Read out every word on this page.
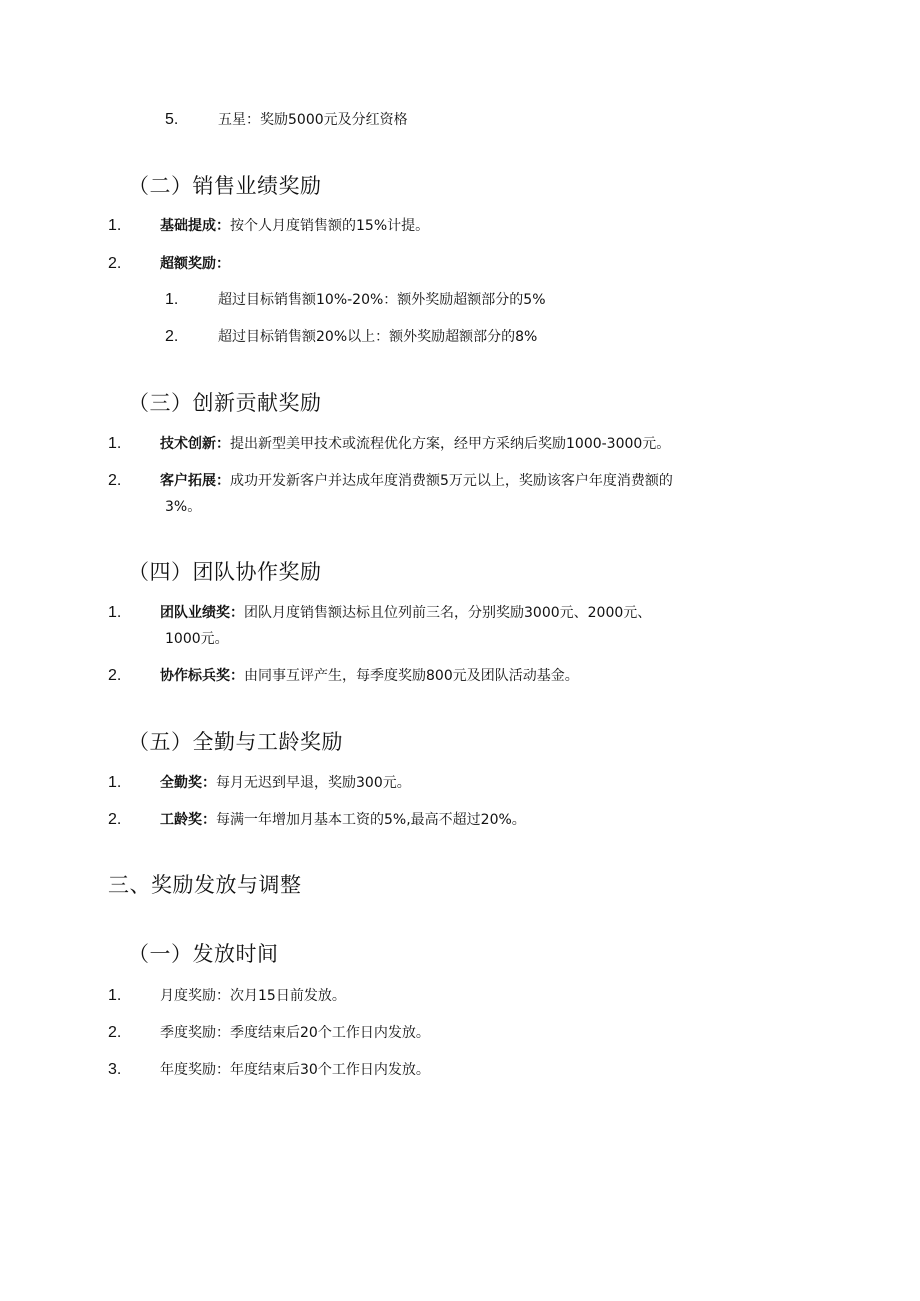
5.	五星：奖励5000元及分红资格
（二）销售业绩奖励
1.	基础提成：按个人月度销售额的15%计提。
2.	超额奖励：
1.	超过目标销售额10%-20%：额外奖励超额部分的5%
2.	超过目标销售额20%以上：额外奖励超额部分的8%
（三）创新贡献奖励
1.	技术创新：提出新型美甲技术或流程优化方案，经甲方采纳后奖励1000-3000元。
2.	客户拓展：成功开发新客户并达成年度消费额5万元以上，奖励该客户年度消费额的
3%。
（四）团队协作奖励
1.	团队业绩奖：团队月度销售额达标且位列前三名，分别奖励3000元、2000元、
1000元。
2.	协作标兵奖：由同事互评产生，每季度奖励800元及团队活动基金。
（五）全勤与工龄奖励
1.	全勤奖：每月无迟到早退，奖励300元。
2.	工龄奖：每满一年增加月基本工资的5%,最高不超过20%。
三、奖励发放与调整
（一）发放时间
1.	月度奖励：次月15日前发放。
2.	季度奖励：季度结束后20个工作日内发放。
3.	年度奖励：年度结束后30个工作日内发放。
